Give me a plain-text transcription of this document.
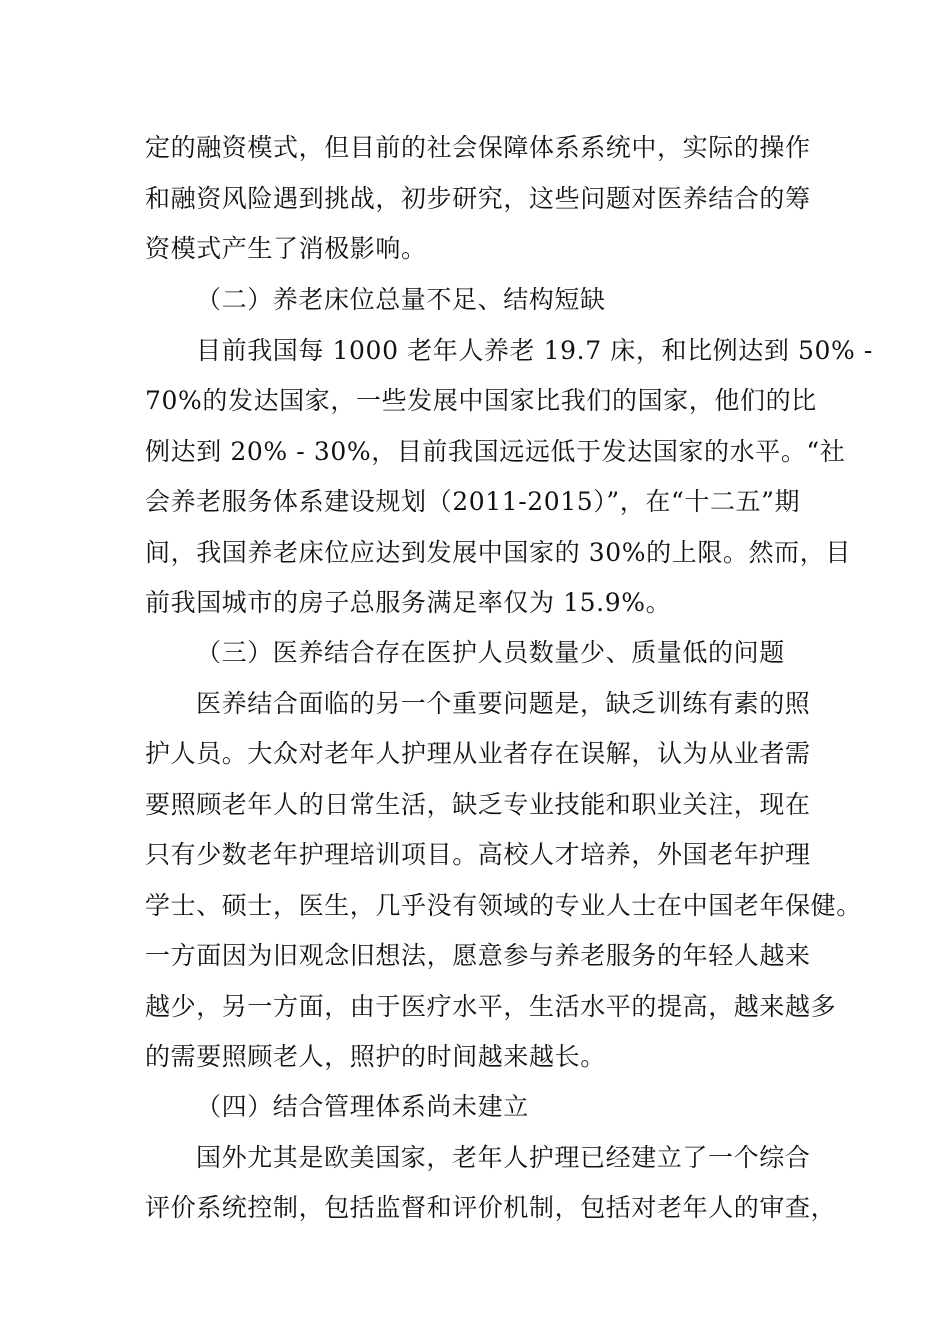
定的融资模式，但目前的社会保障体系系统中，实际的操作
和融资风险遇到挑战，初步研究，这些问题对医养结合的筹
资模式产生了消极影响。
（二）养老床位总量不足、结构短缺
目前我国每 1000 老年人养老 19.7 床，和比例达到 50% -
70%的发达国家，一些发展中国家比我们的国家，他们的比
例达到 20% - 30%，目前我国远远低于发达国家的水平。“社
会养老服务体系建设规划（2011-2015）”，在“十二五”期
间，我国养老床位应达到发展中国家的 30%的上限。然而，目
前我国城市的房子总服务满足率仅为 15.9%。
（三）医养结合存在医护人员数量少、质量低的问题
医养结合面临的另一个重要问题是，缺乏训练有素的照
护人员。大众对老年人护理从业者存在误解，认为从业者需
要照顾老年人的日常生活，缺乏专业技能和职业关注，现在
只有少数老年护理培训项目。高校人才培养，外国老年护理
学士、硕士，医生，几乎没有领域的专业人士在中国老年保健。
一方面因为旧观念旧想法，愿意参与养老服务的年轻人越来
越少，另一方面，由于医疗水平，生活水平的提高，越来越多
的需要照顾老人，照护的时间越来越长。
（四）结合管理体系尚未建立
国外尤其是欧美国家，老年人护理已经建立了一个综合
评价系统控制，包括监督和评价机制，包括对老年人的审查，
